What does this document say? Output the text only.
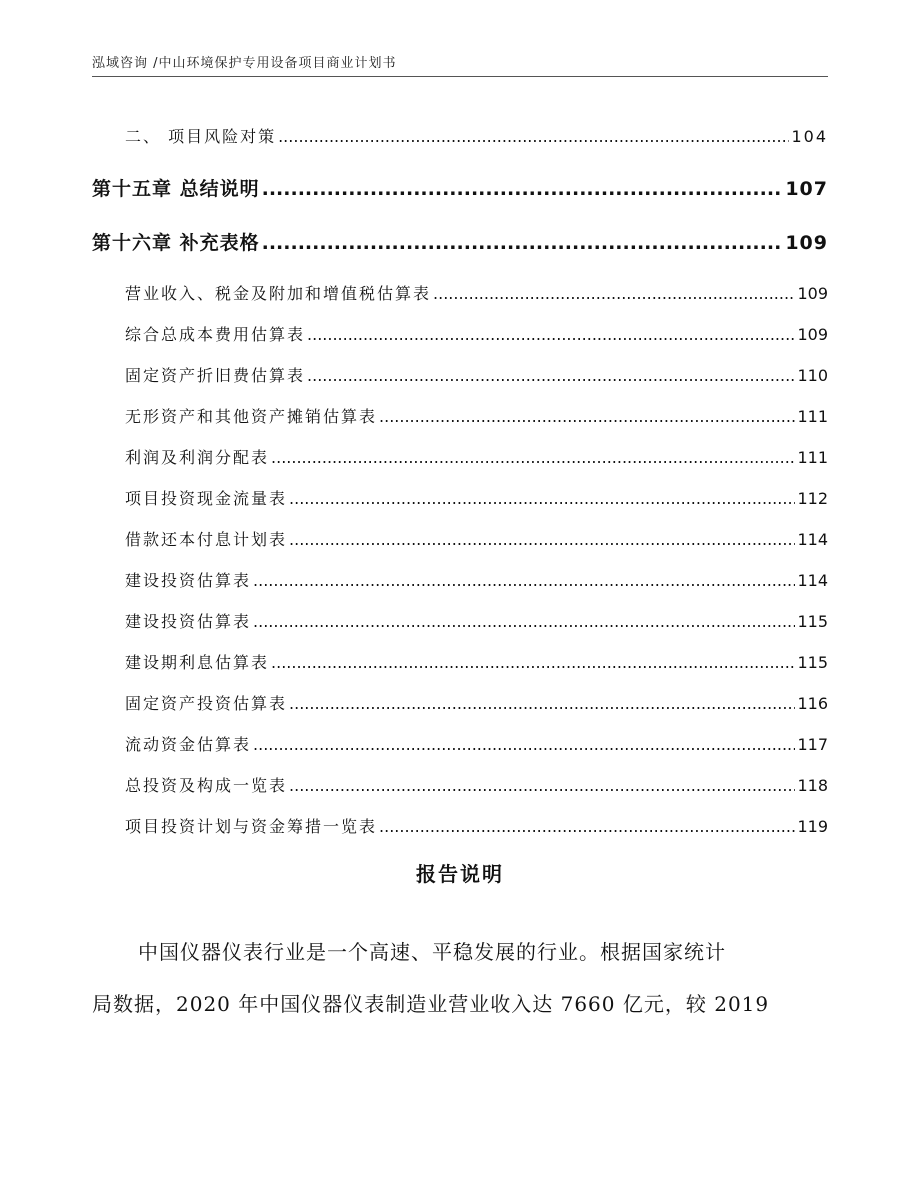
泓域咨询 /中山环境保护专用设备项目商业计划书
二、 项目风险对策 .....	104
第十五章 总结说明 .....	107
第十六章 补充表格 .....	109
营业收入、税金及附加和增值税估算表 .....	109
综合总成本费用估算表 .....	109
固定资产折旧费估算表 .....	110
无形资产和其他资产摊销估算表 .....	111
利润及利润分配表 .....	111
项目投资现金流量表 .....	112
借款还本付息计划表 .....	114
建设投资估算表 .....	114
建设投资估算表 .....	115
建设期利息估算表 .....	115
固定资产投资估算表 .....	116
流动资金估算表 .....	117
总投资及构成一览表 .....	118
项目投资计划与资金筹措一览表 .....	119
报告说明
中国仪器仪表行业是一个高速、平稳发展的行业。根据国家统计
局数据，2020 年中国仪器仪表制造业营业收入达 7660 亿元，较 2019
